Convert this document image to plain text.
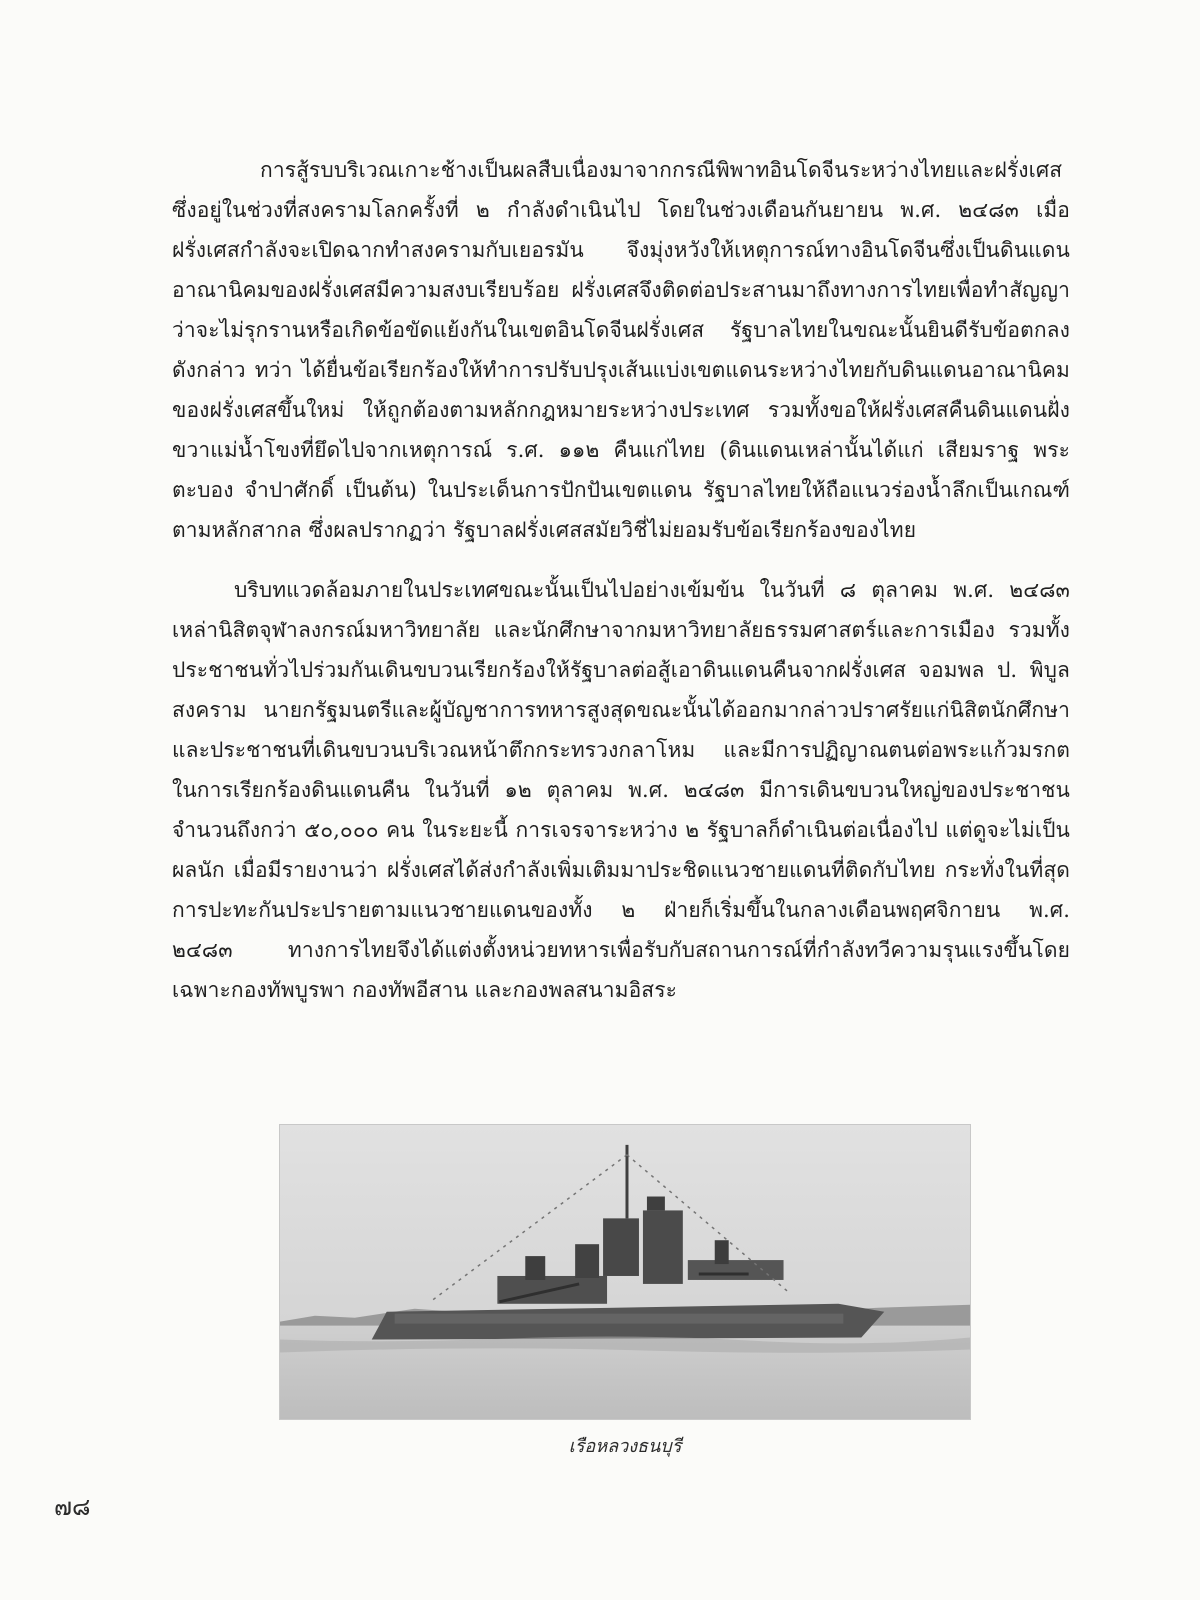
การสู้รบบริเวณเกาะช้างเป็นผลสืบเนื่องมาจากกรณีพิพาทอินโดจีนระหว่างไทยและฝรั่งเศส ซึ่งอยู่ในช่วงที่สงครามโลกครั้งที่ ๒ กำลังดำเนินไป โดยในช่วงเดือนกันยายน พ.ศ. ๒๔๘๓ เมื่อฝรั่งเศสกำลังจะเปิดฉากทำสงครามกับเยอรมัน จึงมุ่งหวังให้เหตุการณ์ทางอินโดจีนซึ่งเป็นดินแดนอาณานิคมของฝรั่งเศสมีความสงบเรียบร้อย ฝรั่งเศสจึงติดต่อประสานมาถึงทางการไทยเพื่อทำสัญญาว่าจะไม่รุกรานหรือเกิดข้อขัดแย้งกันในเขตอินโดจีนฝรั่งเศส รัฐบาลไทยในขณะนั้นยินดีรับข้อตกลงดังกล่าว ทว่า ได้ยื่นข้อเรียกร้องให้ทำการปรับปรุงเส้นแบ่งเขตแดนระหว่างไทยกับดินแดนอาณานิคมของฝรั่งเศสขึ้นใหม่ ให้ถูกต้องตามหลักกฎหมายระหว่างประเทศ รวมทั้งขอให้ฝรั่งเศสคืนดินแดนฝั่งขวาแม่น้ำโขงที่ยึดไปจากเหตุการณ์ ร.ศ. ๑๑๒ คืนแก่ไทย (ดินแดนเหล่านั้นได้แก่ เสียมราฐ พระตะบอง จำปาศักดิ์ เป็นต้น) ในประเด็นการปักปันเขตแดน รัฐบาลไทยให้ถือแนวร่องน้ำลึกเป็นเกณฑ์ตามหลักสากล ซึ่งผลปรากฏว่า รัฐบาลฝรั่งเศสสมัยวิชี่ไม่ยอมรับข้อเรียกร้องของไทย

บริบทแวดล้อมภายในประเทศขณะนั้นเป็นไปอย่างเข้มข้น ในวันที่ ๘ ตุลาคม พ.ศ. ๒๔๘๓ เหล่านิสิตจุฬาลงกรณ์มหาวิทยาลัย และนักศึกษาจากมหาวิทยาลัยธรรมศาสตร์และการเมือง รวมทั้งประชาชนทั่วไปร่วมกันเดินขบวนเรียกร้องให้รัฐบาลต่อสู้เอาดินแดนคืนจากฝรั่งเศส จอมพล ป. พิบูลสงคราม นายกรัฐมนตรีและผู้บัญชาการทหารสูงสุดขณะนั้นได้ออกมากล่าวปราศรัยแก่นิสิตนักศึกษาและประชาชนที่เดินขบวนบริเวณหน้าตึกกระทรวงกลาโหม และมีการปฏิญาณตนต่อพระแก้วมรกตในการเรียกร้องดินแดนคืน ในวันที่ ๑๒ ตุลาคม พ.ศ. ๒๔๘๓ มีการเดินขบวนใหญ่ของประชาชนจำนวนถึงกว่า ๕๐,๐๐๐ คน ในระยะนี้ การเจรจาระหว่าง ๒ รัฐบาลก็ดำเนินต่อเนื่องไป แต่ดูจะไม่เป็นผลนัก เมื่อมีรายงานว่า ฝรั่งเศสได้ส่งกำลังเพิ่มเติมมาประชิดแนวชายแดนที่ติดกับไทย กระทั่งในที่สุด การปะทะกันประปรายตามแนวชายแดนของทั้ง ๒ ฝ่ายก็เริ่มขึ้นในกลางเดือนพฤศจิกายน พ.ศ. ๒๔๘๓ ทางการไทยจึงได้แต่งตั้งหน่วยทหารเพื่อรับกับสถานการณ์ที่กำลังทวีความรุนแรงขึ้นโดยเฉพาะกองทัพบูรพา กองทัพอีสาน และกองพลสนามอิสระ

เรือหลวงธนบุรี
๗๘
